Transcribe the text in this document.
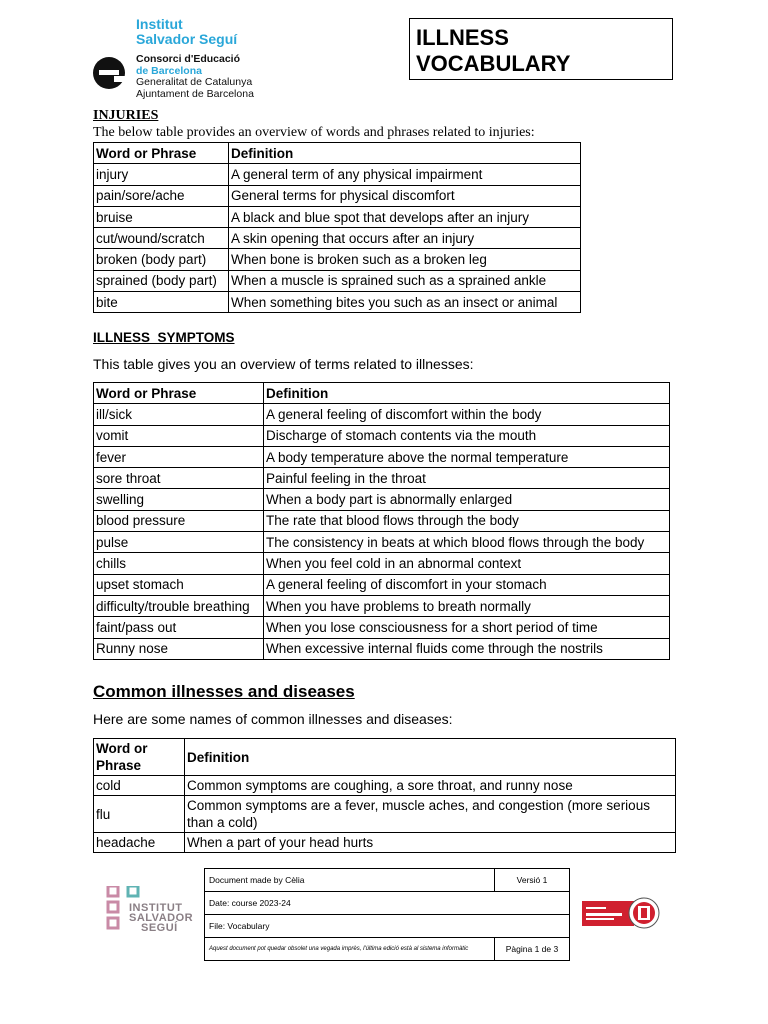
Institut
Salvador Seguí
Consorci d'Educació
de Barcelona
Generalitat de Catalunya
Ajuntament de Barcelona
ILLNESS
VOCABULARY
INJURIES
The below table provides an overview of words and phrases related to injuries:
Word or Phrase	Definition
injury	A general term of any physical impairment
pain/sore/ache	General terms for physical discomfort
bruise	A black and blue spot that develops after an injury
cut/wound/scratch	A skin opening that occurs after an injury
broken (body part)	When bone is broken such as a broken leg
sprained (body part)	When a muscle is sprained such as a sprained ankle
bite	When something bites you such as an insect or animal
ILLNESS  SYMPTOMS
This table gives you an overview of terms related to illnesses:
Word or Phrase	Definition
ill/sick	A general feeling of discomfort within the body
vomit	Discharge of stomach contents via the mouth
fever	A body temperature above the normal temperature
sore throat	Painful feeling in the throat
swelling	When a body part is abnormally enlarged
blood pressure	The rate that blood flows through the body
pulse	The consistency in beats at which blood flows through the body
chills	When you feel cold in an abnormal context
upset stomach	A general feeling of discomfort in your stomach
difficulty/trouble breathing	When you have problems to breath normally
faint/pass out	When you lose consciousness for a short period of time
Runny nose	When excessive internal fluids come through the nostrils
Common illnesses and diseases
Here are some names of common illnesses and diseases:
Word or Phrase	Definition
cold	Common symptoms are coughing, a sore throat, and runny nose
flu	Common symptoms are a fever, muscle aches, and congestion (more serious than a cold)
headache	When a part of your head hurts
INSTITUT
SALVADOR
SEGUÍ
Document made by Cèlia	Versió 1
Date: course 2023-24	
File: Vocabulary	
Aquest document pot quedar obsolet una vegada imprès, l'última edició està al sistema informàtic	Pàgina 1 de 3
